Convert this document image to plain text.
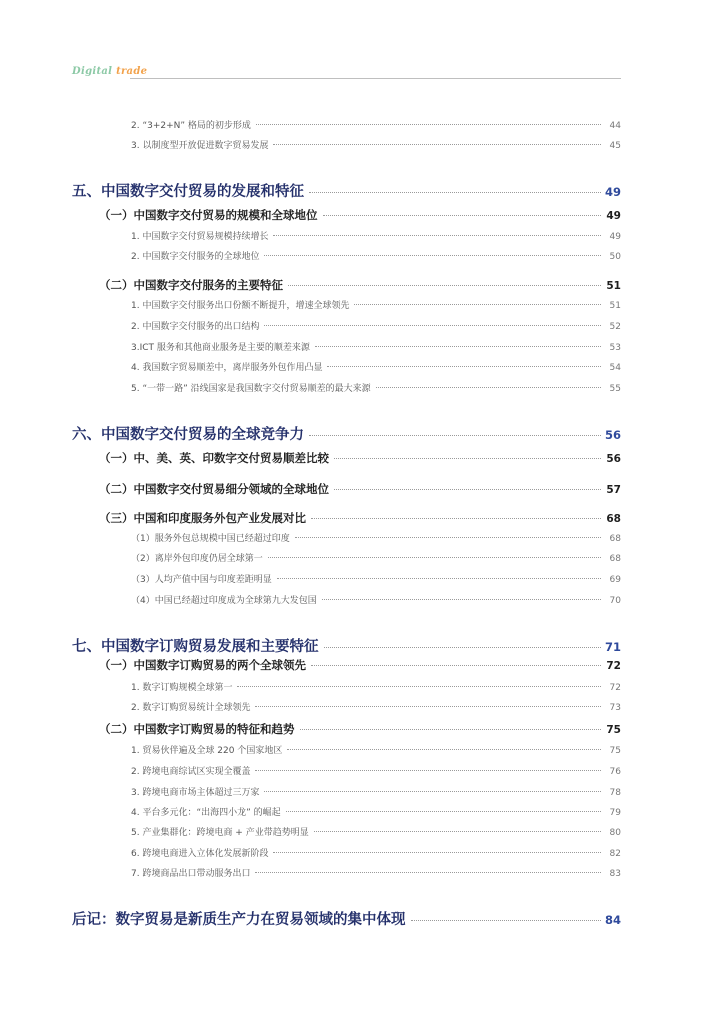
Digital trade
2. “3+2+N” 格局的初步形成	44
3. 以制度型开放促进数字贸易发展	45
五、中国数字交付贸易的发展和特征	49
（一）中国数字交付贸易的规模和全球地位	49
1. 中国数字交付贸易规模持续增长	49
2. 中国数字交付服务的全球地位	50
（二）中国数字交付服务的主要特征	51
1. 中国数字交付服务出口份额不断提升，增速全球领先	51
2. 中国数字交付服务的出口结构	52
3.ICT 服务和其他商业服务是主要的顺差来源	53
4. 我国数字贸易顺差中，离岸服务外包作用凸显	54
5. “一带一路” 沿线国家是我国数字交付贸易顺差的最大来源	55
六、中国数字交付贸易的全球竞争力	56
（一）中、美、英、印数字交付贸易顺差比较	56
（二）中国数字交付贸易细分领域的全球地位	57
（三）中国和印度服务外包产业发展对比	68
（1）服务外包总规模中国已经超过印度	68
（2）离岸外包印度仍居全球第一	68
（3）人均产值中国与印度差距明显	69
（4）中国已经超过印度成为全球第九大发包国	70
七、中国数字订购贸易发展和主要特征	71
（一）中国数字订购贸易的两个全球领先	72
1. 数字订购规模全球第一	72
2. 数字订购贸易统计全球领先	73
（二）中国数字订购贸易的特征和趋势	75
1. 贸易伙伴遍及全球 220 个国家地区	75
2. 跨境电商综试区实现全覆盖	76
3. 跨境电商市场主体超过三万家	78
4. 平台多元化：“出海四小龙” 的崛起	79
5. 产业集群化：跨境电商 + 产业带趋势明显	80
6. 跨境电商进入立体化发展新阶段	82
7. 跨境商品出口带动服务出口	83
后记：数字贸易是新质生产力在贸易领域的集中体现	84
